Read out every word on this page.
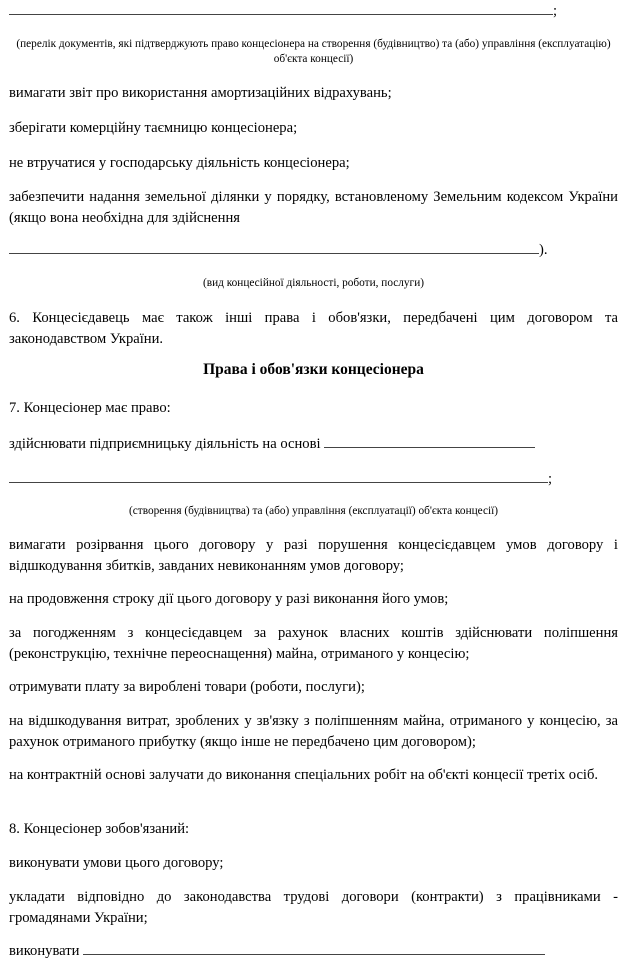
;
(перелік документів, які підтверджують право концесіонера на створення (будівництво) та (або) управління (експлуатацію) об'єкта концесії)
вимагати звіт про використання амортизаційних відрахувань;
зберігати комерційну таємницю концесіонера;
не втручатися у господарську діяльність концесіонера;
забезпечити надання земельної ділянки у порядку, встановленому Земельним кодексом України (якщо вона необхідна для здійснення
).
(вид концесійної діяльності, роботи, послуги)
6. Концесієдавець має також інші права і обов'язки, передбачені цим договором та законодавством України.
Права і обов'язки концесіонера
7. Концесіонер має право:
здійснювати підприємницьку діяльність на основі
;
(створення (будівництва) та (або) управління (експлуатації) об'єкта концесії)
вимагати розірвання цього договору у разі порушення концесієдавцем умов договору і відшкодування збитків, завданих невиконанням умов договору;
на продовження строку дії цього договору у разі виконання його умов;
за погодженням з концесієдавцем за рахунок власних коштів здійснювати поліпшення (реконструкцію, технічне переоснащення) майна, отриманого у концесію;
отримувати плату за вироблені товари (роботи, послуги);
на відшкодування витрат, зроблених у зв'язку з поліпшенням майна, отриманого у концесію, за рахунок отриманого прибутку (якщо інше не передбачено цим договором);
на контрактній основі залучати до виконання спеціальних робіт на об'єкті концесії третіх осіб.
8. Концесіонер зобов'язаний:
виконувати умови цього договору;
укладати відповідно до законодавства трудові договори (контракти) з працівниками - громадянами України;
виконувати
